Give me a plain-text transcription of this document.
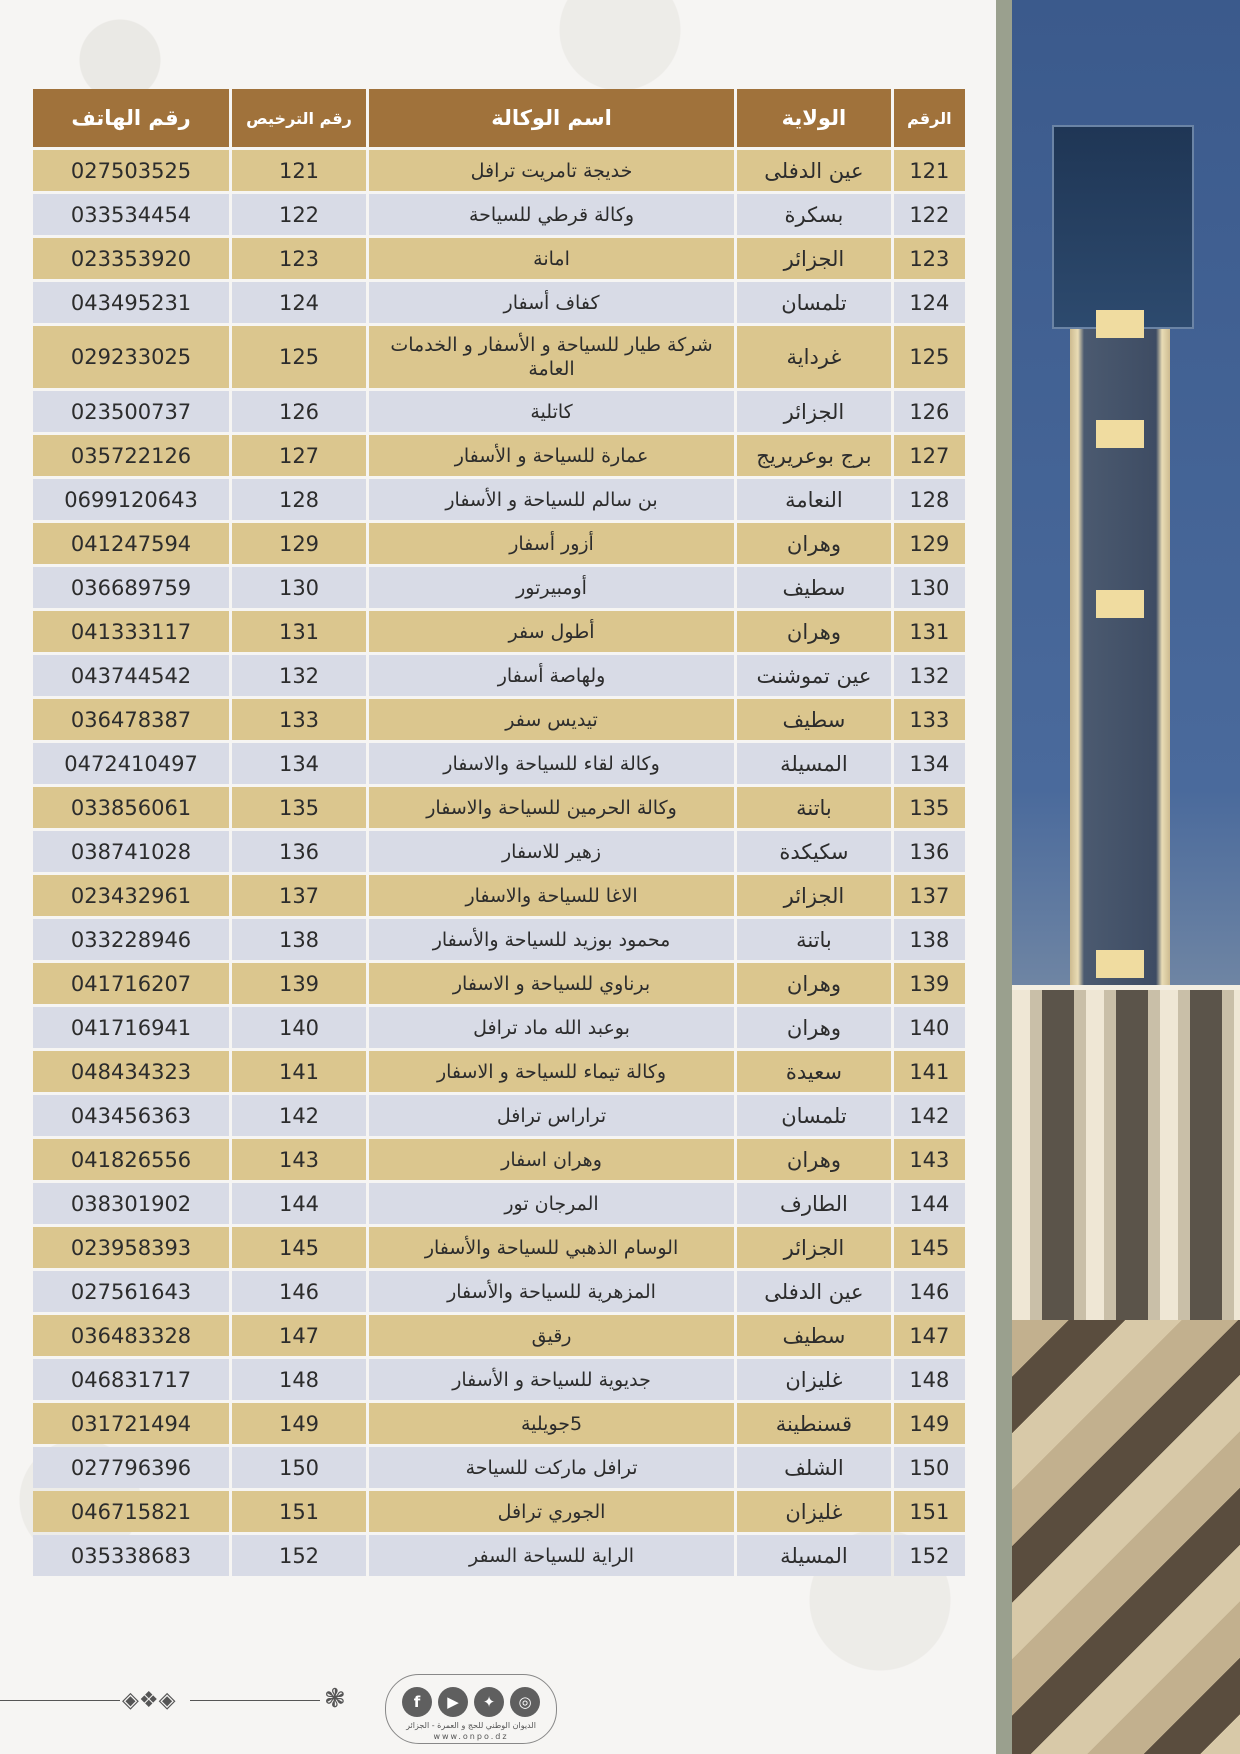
الرقم	الولاية	اسم الوكالة	رقم الترخيص	رقم الهاتف
121	عين الدفلى	خديجة تامريت ترافل	121	027503525
122	بسكرة	وكالة قرطي للسياحة	122	033534454
123	الجزائر	امانة	123	023353920
124	تلمسان	كفاف أسفار	124	043495231
125	غرداية	شركة طيار للسياحة و الأسفار و الخدمات العامة	125	029233025
126	الجزائر	كاتلية	126	023500737
127	برج بوعريريج	عمارة للسياحة و الأسفار	127	035722126
128	النعامة	بن سالم للسياحة و الأسفار	128	0699120643
129	وهران	أزور أسفار	129	041247594
130	سطيف	أومبيرتور	130	036689759
131	وهران	أطول سفر	131	041333117
132	عين تموشنت	ولهاصة أسفار	132	043744542
133	سطيف	تيديس سفر	133	036478387
134	المسيلة	وكالة لقاء للسياحة والاسفار	134	0472410497
135	باتنة	وكالة الحرمين للسياحة والاسفار	135	033856061
136	سكيكدة	زهير للاسفار	136	038741028
137	الجزائر	الاغا للسياحة والاسفار	137	023432961
138	باتنة	محمود بوزيد للسياحة والأسفار	138	033228946
139	وهران	برناوي للسياحة و الاسفار	139	041716207
140	وهران	بوعبد الله ماد ترافل	140	041716941
141	سعيدة	وكالة تيماء للسياحة و الاسفار	141	048434323
142	تلمسان	تراراس ترافل	142	043456363
143	وهران	وهران اسفار	143	041826556
144	الطارف	المرجان تور	144	038301902
145	الجزائر	الوسام الذهبي للسياحة والأسفار	145	023958393
146	عين الدفلى	المزهرية للسياحة والأسفار	146	027561643
147	سطيف	رقيق	147	036483328
148	غليزان	جديوية للسياحة و الأسفار	148	046831717
149	قسنطينة	5جويلية	149	031721494
150	الشلف	ترافل ماركت للسياحة	150	027796396
151	غليزان	الجوري ترافل	151	046715821
152	المسيلة	الراية للسياحة السفر	152	035338683
◈❖◈	❃	◎
✦
▶
f
الديوان الوطني للحج و العمرة - الجزائر
www.onpo.dz
